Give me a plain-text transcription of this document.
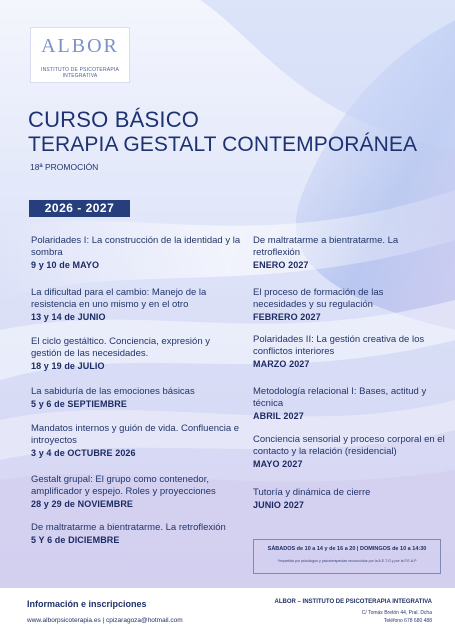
ALBOR
INSTITUTO DE PSICOTERAPIA INTEGRATIVA
CURSO BÁSICO
TERAPIA GESTALT CONTEMPORÁNEA
18ª PROMOCIÓN
2026 - 2027
Polaridades I: La construcción de la identidad y la sombra
9 y 10 de MAYO
La dificultad para el cambio: Manejo de la resistencia en uno mismo y en el otro
13 y 14 de JUNIO
El ciclo gestáltico. Conciencia, expresión y gestión de las necesidades.
18 y 19 de JULIO
La sabiduría de las emociones básicas
5 y 6 de SEPTIEMBRE
Mandatos internos y guión de vida. Confluencia e introyectos
3 y 4 de OCTUBRE 2026
Gestalt grupal: El grupo como contenedor, amplificador y espejo. Roles y proyecciones
28 y 29 de NOVIEMBRE
De maltratarme a bientratarme. La retroflexión
5 Y 6 de DICIEMBRE
De maltratarme a bientratarme. La retroflexión
ENERO 2027
El proceso de formación de las necesidades y su regulación
FEBRERO 2027
Polaridades II: La gestión creativa de los conflictos interiores
MARZO 2027
Metodología relacional I: Bases, actitud y técnica
ABRIL 2027
Conciencia sensorial y proceso corporal en el contacto y la relación (residencial)
MAYO 2027
Tutoría y dinámica de cierre
JUNIO 2027
SÁBADOS de 10 a 14 y de 16 a 20 | DOMINGOS de 10 a 14:30
*Impartida por psicólogos y psicoterapeutas reconocidos por la A.E.T.G y por la F.E.A.P
Información e inscripciones
www.alborpsicoterapia.es | cpizaragoza@hotmail.com
ALBOR – INSTITUTO DE PSICOTERAPIA INTEGRATIVA
C/ Tomás Bretón 44, Pral. Dcha
Teléfono 678 680 488
